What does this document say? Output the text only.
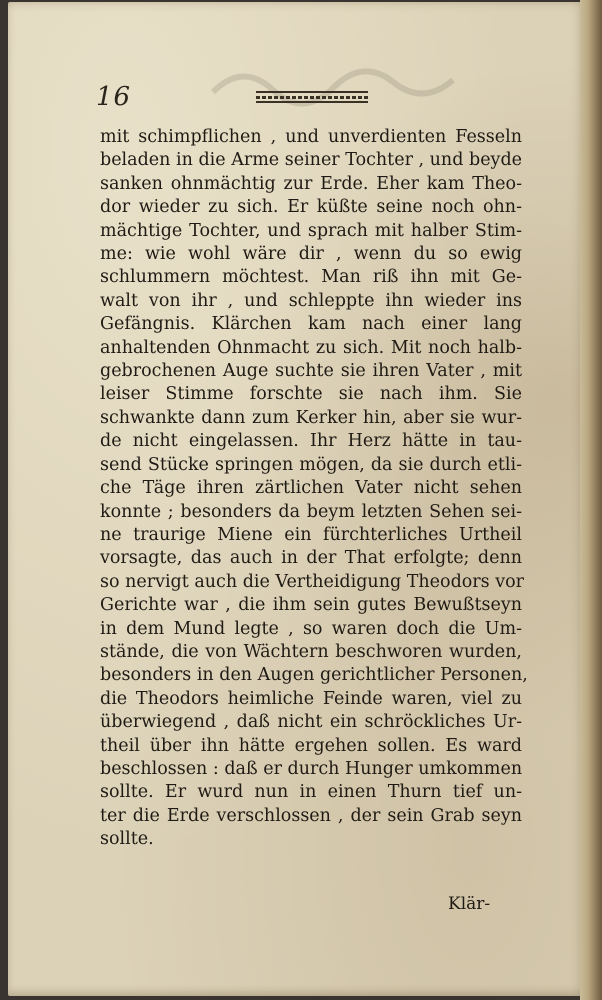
16
mit schimpflichen , und unverdienten Fesseln
beladen in die Arme seiner Tochter , und beyde
sanken ohnmächtig zur Erde. Eher kam Theo-
dor wieder zu sich. Er küßte seine noch ohn-
mächtige Tochter, und sprach mit halber Stim-
me: wie wohl wäre dir , wenn du so ewig
schlummern möchtest. Man riß ihn mit Ge-
walt von ihr , und schleppte ihn wieder ins
Gefängnis. Klärchen kam nach einer lang
anhaltenden Ohnmacht zu sich. Mit noch halb-
gebrochenen Auge suchte sie ihren Vater , mit
leiser Stimme forschte sie nach ihm. Sie
schwankte dann zum Kerker hin, aber sie wur-
de nicht eingelassen. Ihr Herz hätte in tau-
send Stücke springen mögen, da sie durch etli-
che Täge ihren zärtlichen Vater nicht sehen
konnte ; besonders da beym letzten Sehen sei-
ne traurige Miene ein fürchterliches Urtheil
vorsagte, das auch in der That erfolgte; denn
so nervigt auch die Vertheidigung Theodors vor
Gerichte war , die ihm sein gutes Bewußtseyn
in dem Mund legte , so waren doch die Um-
stände, die von Wächtern beschworen wurden,
besonders in den Augen gerichtlicher Personen,
die Theodors heimliche Feinde waren, viel zu
überwiegend , daß nicht ein schröckliches Ur-
theil über ihn hätte ergehen sollen. Es ward
beschlossen : daß er durch Hunger umkommen
sollte. Er wurd nun in einen Thurn tief un-
ter die Erde verschlossen , der sein Grab seyn
sollte.
Klär-
